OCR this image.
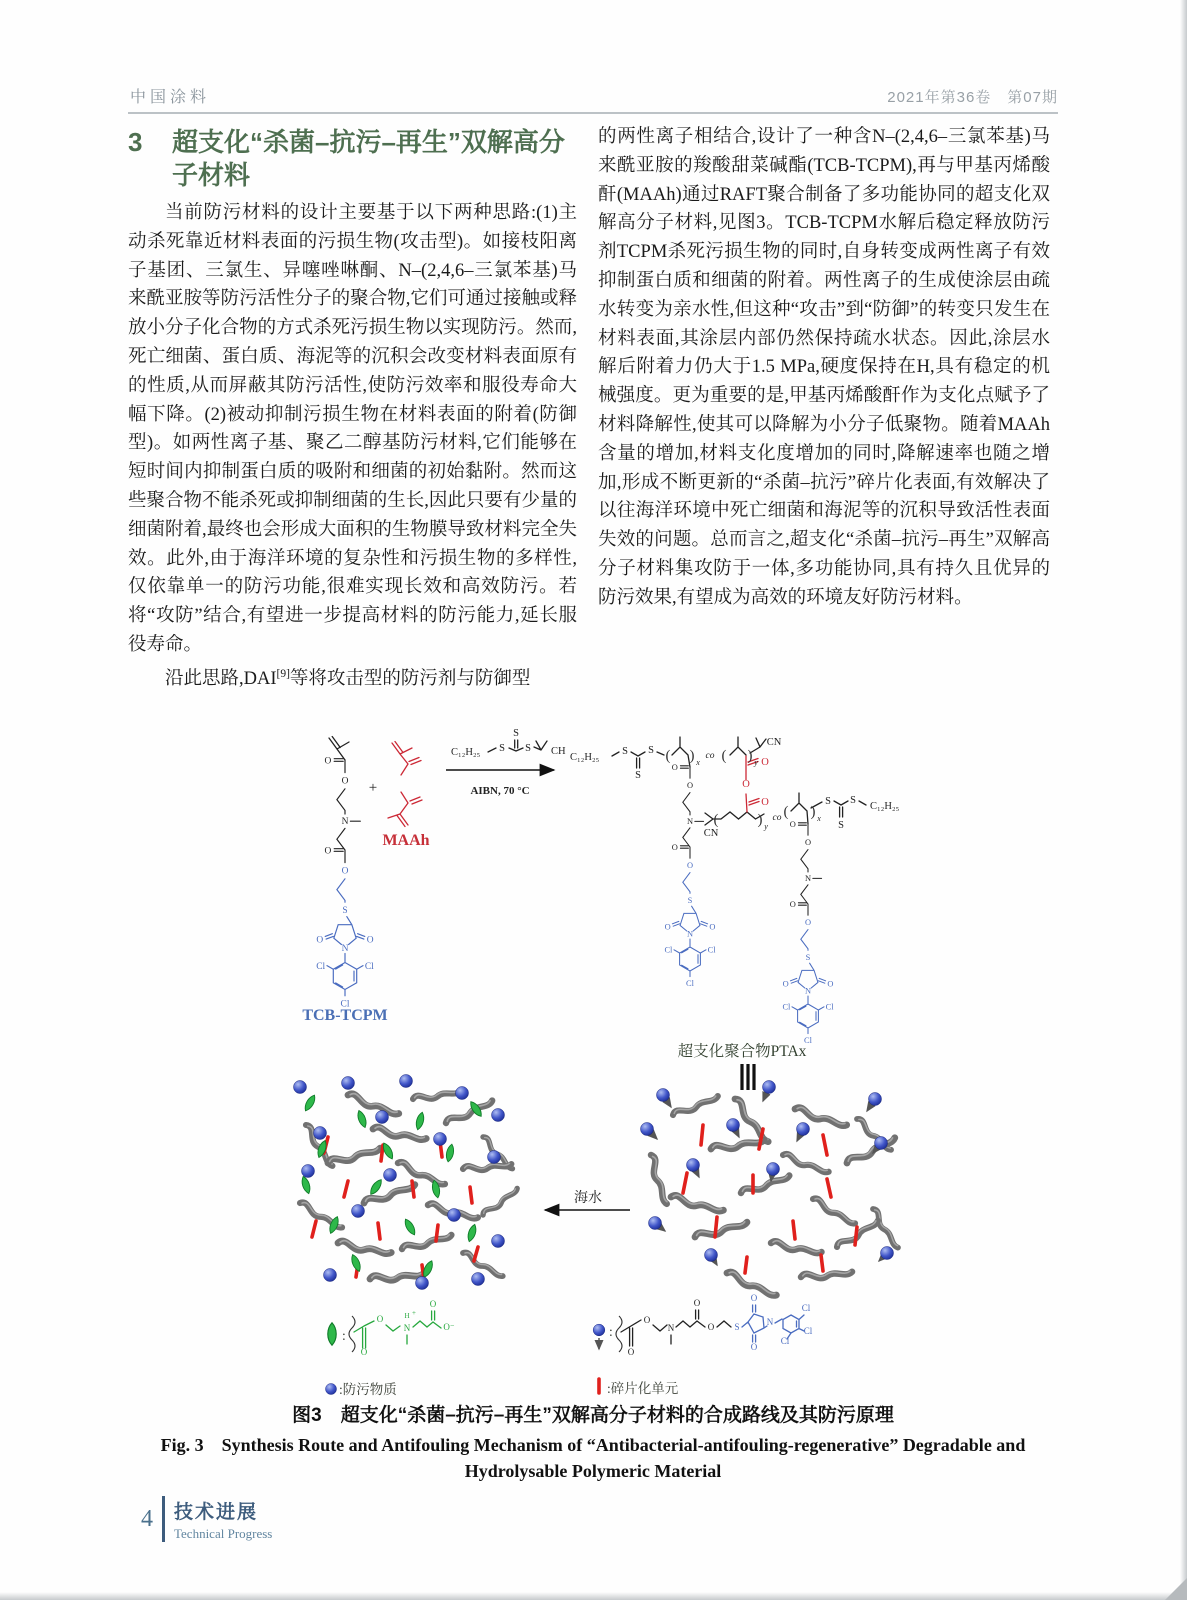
中国涂料	2021年第36卷　第07期
3	超支化“杀菌–抗污–再生”双解高分子材料

当前防污材料的设计主要基于以下两种思路:(1)主动杀死靠近材料表面的污损生物(攻击型)。如接枝阳离子基团、三氯生、异噻唑啉酮、N–(2,4,6–三氯苯基)马来酰亚胺等防污活性分子的聚合物,它们可通过接触或释放小分子化合物的方式杀死污损生物以实现防污。然而,死亡细菌、蛋白质、海泥等的沉积会改变材料表面原有的性质,从而屏蔽其防污活性,使防污效率和服役寿命大幅下降。(2)被动抑制污损生物在材料表面的附着(防御型)。如两性离子基、聚乙二醇基防污材料,它们能够在短时间内抑制蛋白质的吸附和细菌的初始黏附。然而这些聚合物不能杀死或抑制细菌的生长,因此只要有少量的细菌附着,最终也会形成大面积的生物膜导致材料完全失效。此外,由于海洋环境的复杂性和污损生物的多样性,仅依靠单一的防污功能,很难实现长效和高效防污。若将“攻防”结合,有望进一步提高材料的防污能力,延长服役寿命。

沿此思路,DAI[9]等将攻击型的防污剂与防御型

的两性离子相结合,设计了一种含N–(2,4,6–三氯苯基)马来酰亚胺的羧酸甜菜碱酯(TCB-TCPM),再与甲基丙烯酸酐(MAAh)通过RAFT聚合制备了多功能协同的超支化双解高分子材料,见图3。TCB-TCPM水解后稳定释放防污剂TCPM杀死污损生物的同时,自身转变成两性离子有效抑制蛋白质和细菌的附着。两性离子的生成使涂层由疏水转变为亲水性,但这种“攻击”到“防御”的转变只发生在材料表面,其涂层内部仍然保持疏水状态。因此,涂层水解后附着力仍大于1.5 MPa,硬度保持在H,具有稳定的机械强度。更为重要的是,甲基丙烯酸酐作为支化点赋予了材料降解性,使其可以降解为小分子低聚物。随着MAAh含量的增加,材料支化度增加的同时,降解速率也随之增加,形成不断更新的“杀菌–抗污”碎片化表面,有效解决了以往海洋环境中死亡细菌和海泥等的沉积导致活性表面失效的问题。总而言之,超支化“杀菌–抗污–再生”双解高分子材料集攻防于一体,多功能协同,具有持久且优异的防污效果,有望成为高效的环境友好防污材料。

O
O
N
O
O
S
O	O
N
Cl	Cl
Cl
+
MAAh
TCB-TCPM
C₁₂H₂₅ S
S
S CH
AIBN, 70 °C
C₁₂H₂₅
S
S
S ( ) x
co ( ) y
CN
O
O
O
CN
(	) y
co ( ) x
S
S
S
C₁₂H₂₅
超支化聚合物PTAx
海水
:
O
O
N
H +
O
O⁻
:防污物质
:
O
O
N
O
O S
O
O
N
Cl
Cl
Cl
:碎片化单元
图3　超支化“杀菌–抗污–再生”双解高分子材料的合成路线及其防污原理
Fig. 3　Synthesis Route and Antifouling Mechanism of “Antibacterial-antifouling-regenerative” Degradable and
Hydrolysable Polymeric Material
4 技术进展
Technical Progress
